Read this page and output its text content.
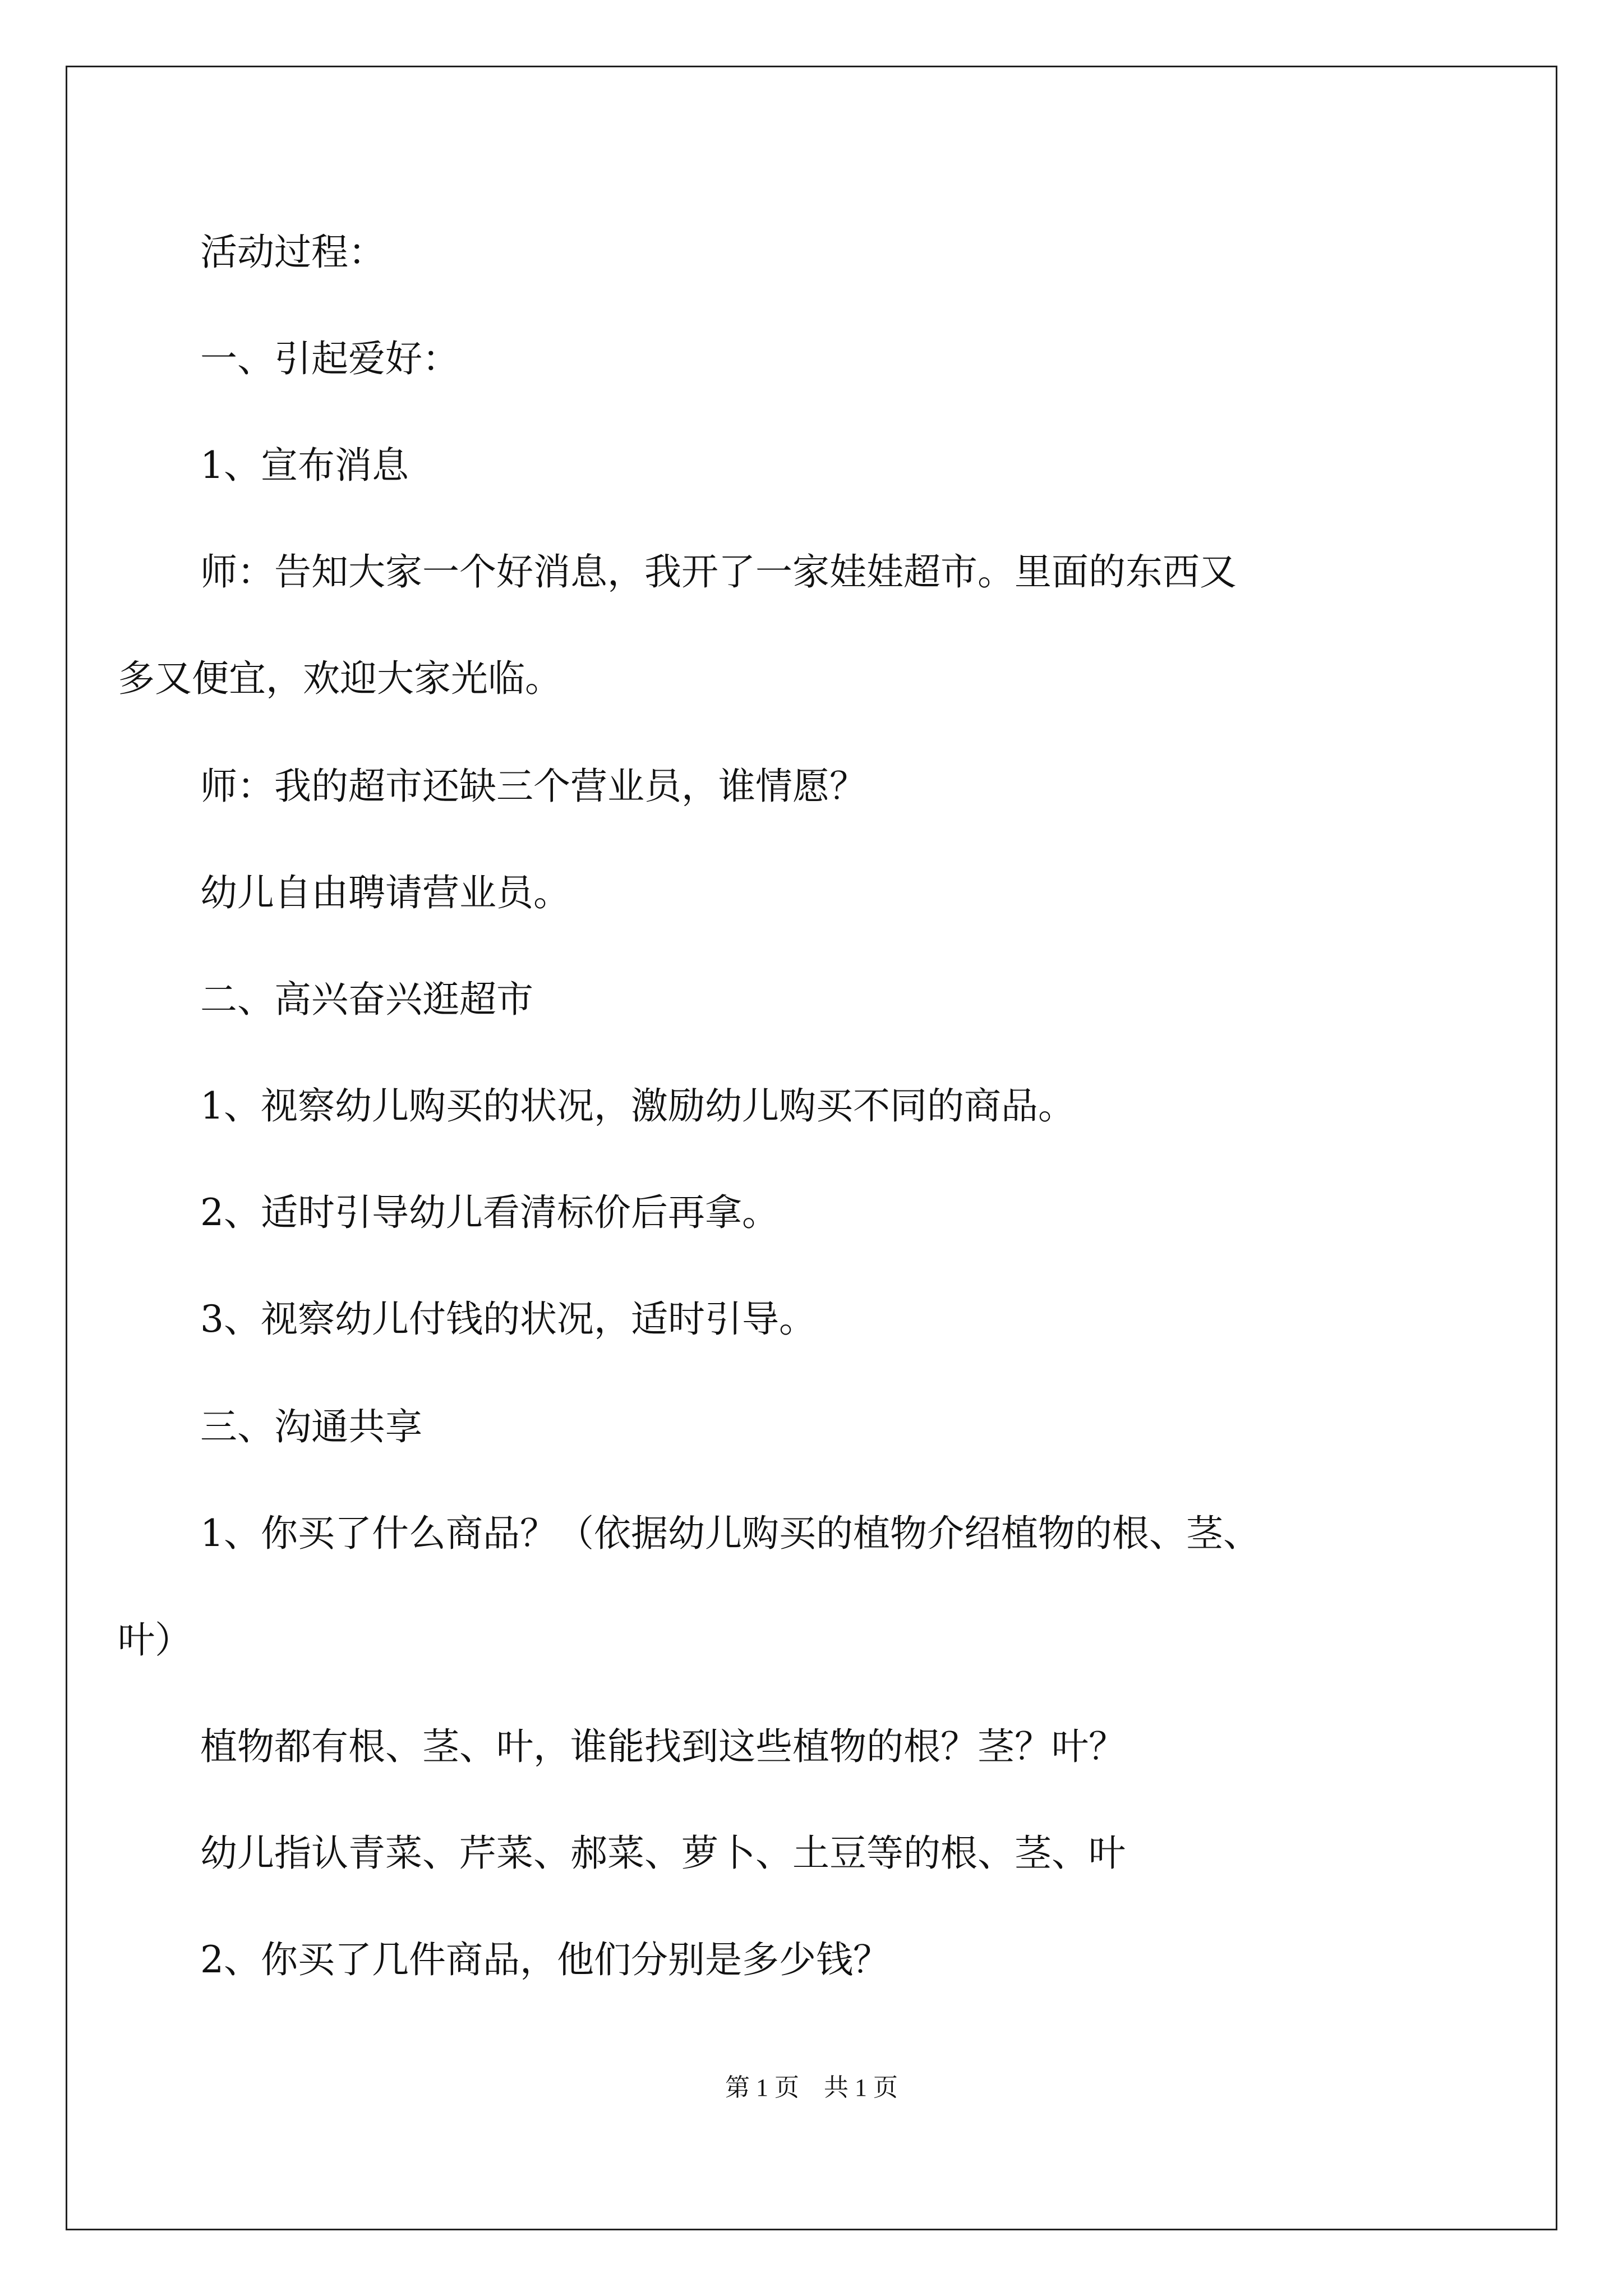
活动过程：
一、引起爱好：
1、宣布消息
师：告知大家一个好消息，我开了一家娃娃超市。里面的东西又
多又便宜，欢迎大家光临。
师：我的超市还缺三个营业员，谁情愿？
幼儿自由聘请营业员。
二、高兴奋兴逛超市
1、视察幼儿购买的状况，激励幼儿购买不同的商品。
2、适时引导幼儿看清标价后再拿。
3、视察幼儿付钱的状况，适时引导。
三、沟通共享
1、你买了什么商品？（依据幼儿购买的植物介绍植物的根、茎、
叶）
植物都有根、茎、叶，谁能找到这些植物的根？茎？叶？
幼儿指认青菜、芹菜、郝菜、萝卜、土豆等的根、茎、叶
2、你买了几件商品，他们分别是多少钱？
第 1 页　共 1 页
